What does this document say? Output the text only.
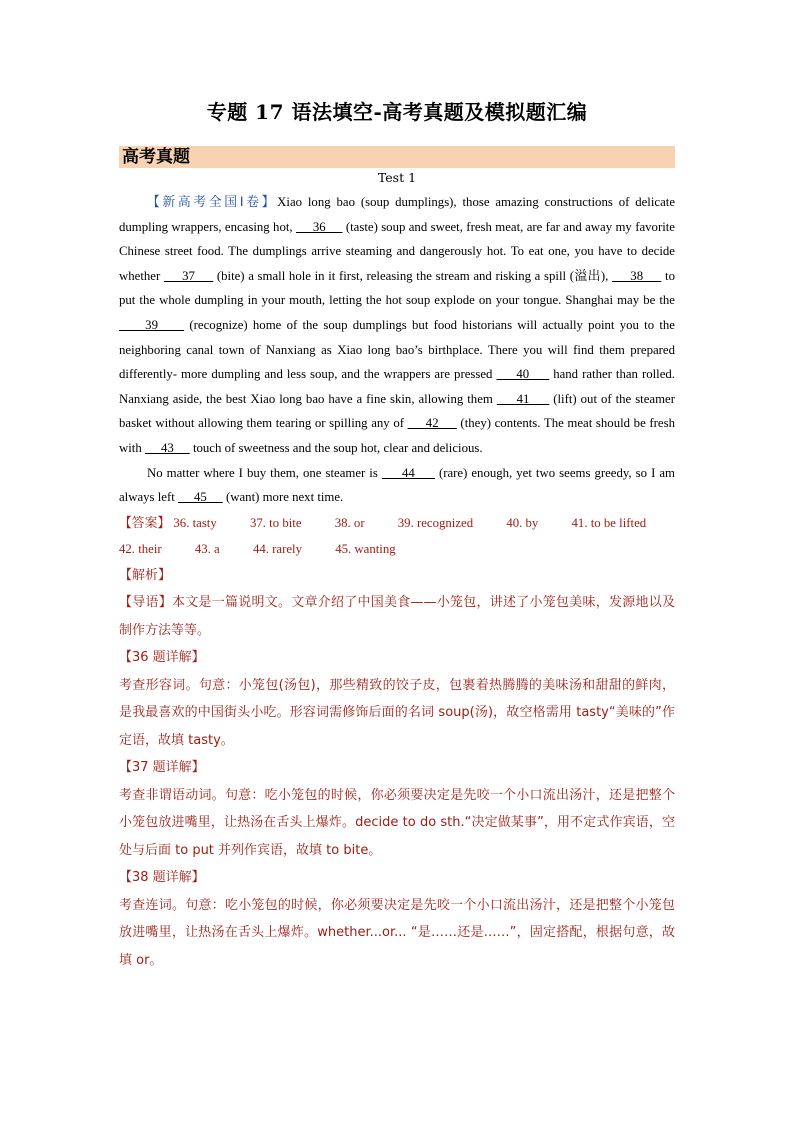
专题 17 语法填空-高考真题及模拟题汇编
高考真题
Test 1

【新高考全国Ⅰ卷】Xiao long bao (soup dumplings), those amazing constructions of delicate dumpling wrappers, encasing hot,      36      (taste) soup and sweet, fresh meat, are far and away my favorite Chinese street food. The dumplings arrive steaming and dangerously hot. To eat one, you have to decide whether      37      (bite) a small hole in it first, releasing the stream and risking a spill (溢出),      38      to put the whole dumpling in your mouth, letting the hot soup explode on your tongue. Shanghai may be the      39      (recognize) home of the soup dumplings but food historians will actually point you to the neighboring canal town of Nanxiang as Xiao long bao’s birthplace. There you will find them prepared differently- more dumpling and less soup, and the wrappers are pressed      40      hand rather than rolled. Nanxiang aside, the best Xiao long bao have a fine skin, allowing them      41      (lift) out of the steamer basket without allowing them tearing or spilling any of      42      (they) contents. The meat should be fresh with      43      touch of sweetness and the soup hot, clear and delicious.

No matter where I buy them, one steamer is      44      (rare) enough, yet two seems greedy, so I am always left      45      (want) more next time.

【答案】 36. tasty	37. to bite	38. or	39. recognized	40. by	41. to be lifted
42. their	43. a	44. rarely	45. wanting
【解析】
【导语】本文是一篇说明文。文章介绍了中国美食——小笼包，讲述了小笼包美味，发源地以及制作方法等等。
【36 题详解】
考查形容词。句意：小笼包(汤包)，那些精致的饺子皮，包裹着热腾腾的美味汤和甜甜的鲜肉，是我最喜欢的中国街头小吃。形容词需修饰后面的名词 soup(汤)，故空格需用 tasty“美味的”作定语，故填 tasty。
【37 题详解】
考查非谓语动词。句意：吃小笼包的时候，你必须要决定是先咬一个小口流出汤汁，还是把整个小笼包放进嘴里，让热汤在舌头上爆炸。decide to do sth.“决定做某事”，用不定式作宾语，空处与后面 to put 并列作宾语，故填 to bite。
【38 题详解】
考查连词。句意：吃小笼包的时候，你必须要决定是先咬一个小口流出汤汁，还是把整个小笼包放进嘴里，让热汤在舌头上爆炸。whether...or... “是……还是……”，固定搭配，根据句意，故填 or。
